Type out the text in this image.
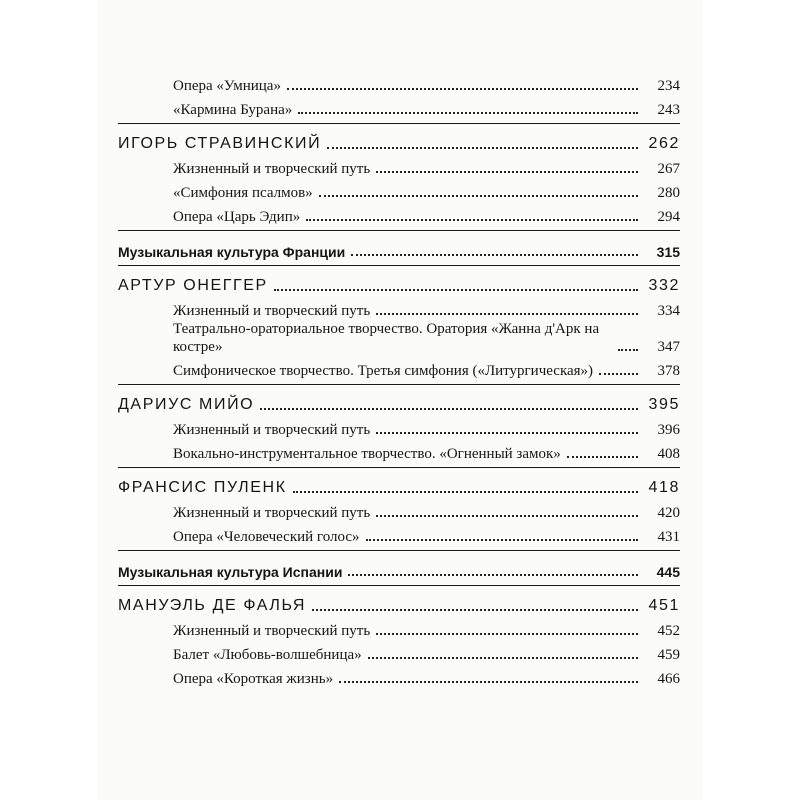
Опера «Умница»	234
«Кармина Бурана»	243
ИГОРЬ СТРАВИНСКИЙ	262
Жизненный и творческий путь	267
«Симфония псалмов»	280
Опера «Царь Эдип»	294
Музыкальная культура Франции	315
АРТУР ОНЕГГЕР	332
Жизненный и творческий путь	334
Театрально-ораториальное творчество. Оратория «Жанна д'Арк на костре»	347
Симфоническое творчество. Третья симфония («Литургическая»)	378
ДАРИУС МИЙО	395
Жизненный и творческий путь	396
Вокально-инструментальное творчество. «Огненный замок»	408
ФРАНСИС ПУЛЕНК	418
Жизненный и творческий путь	420
Опера «Человеческий голос»	431
Музыкальная культура Испании	445
МАНУЭЛЬ ДЕ ФАЛЬЯ	451
Жизненный и творческий путь	452
Балет «Любовь-волшебница»	459
Опера «Короткая жизнь»	466
